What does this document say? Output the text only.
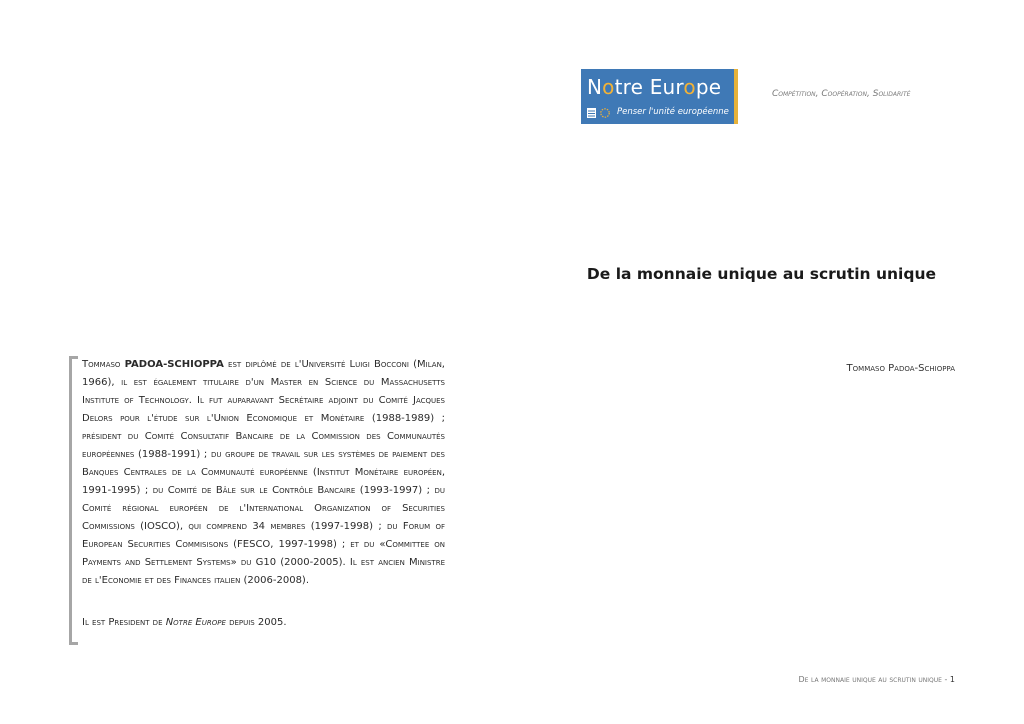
Notre Europe
Penser l'unité européenne
Compétition, Coopération, Solidarité
De la monnaie unique au scrutin unique
Tommaso Padoa-Schioppa

Tommaso PADOA-SCHIOPPA est diplômé de l'Université Luigi Bocconi (Milan, 1966), il est également titulaire d'un Master en Science du Massachusetts Institute of Technology. Il fut auparavant Secrétaire adjoint du Comité Jacques Delors pour l'étude sur l'Union Economique et Monétaire (1988-1989) ; président du Comité Consultatif Bancaire de la Commission des Communautés européennes (1988-1991) ; du groupe de travail sur les systèmes de paiement des Banques Centrales de la Communauté européenne (Institut Monétaire européen, 1991-1995) ; du Comité de Bâle sur le Contrôle Bancaire (1993-1997) ; du Comité régional européen de l'International Organization of Securities Commissions (IOSCO), qui comprend 34 membres (1997-1998) ; du Forum of European Securities Commisisons (FESCO, 1997-1998) ; et du «Committee on Payments and Settlement Systems» du G10 (2000-2005). Il est ancien Ministre de l'Economie et des Finances italien (2006-2008).

Il est President de Notre Europe depuis 2005.

De la monnaie unique au scrutin unique - 1
